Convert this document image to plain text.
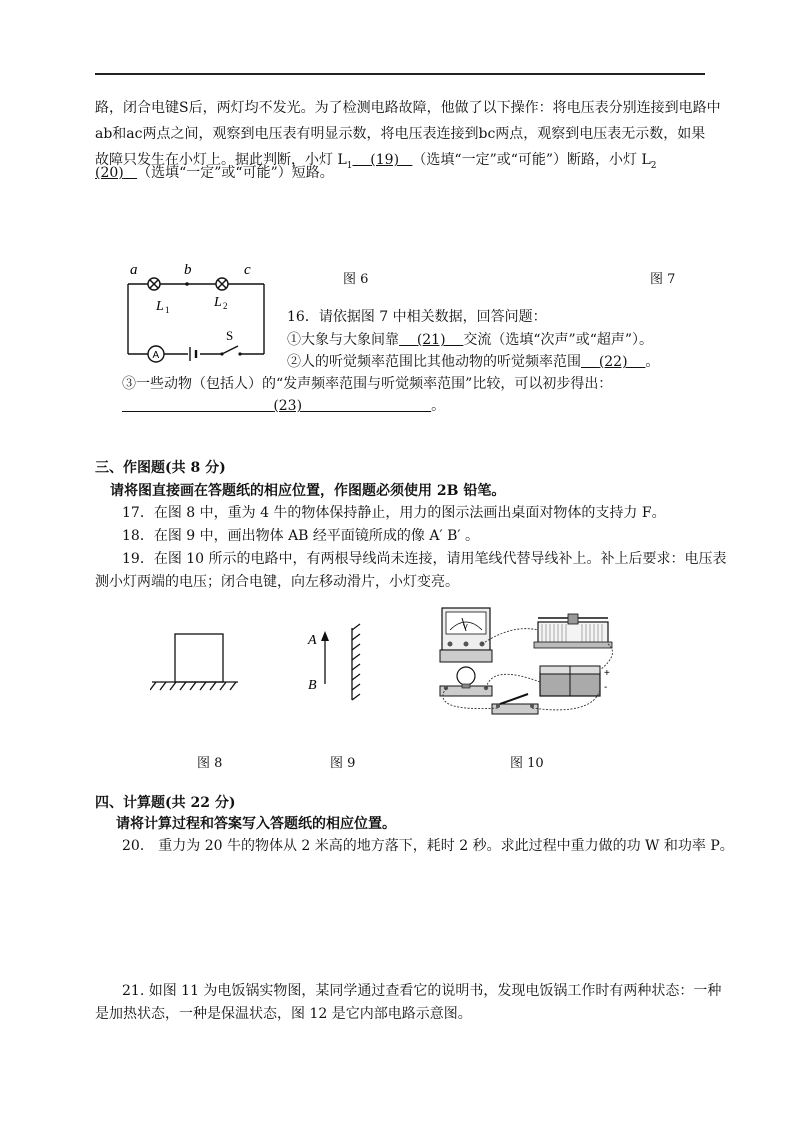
路，闭合电键S后，两灯均不发光。为了检测电路故障，他做了以下操作：将电压表分别连接到电路中
ab和ac两点之间，观察到电压表有明显示数，将电压表连接到bc两点，观察到电压表无示数，如果
故障只发生在小灯上。据此判断，小灯 $L_1$ (19) （选填“一定”或“可能”）断路，小灯 $L_2$
(20) （选填“一定”或“可能”）短路。
a	b	c
L 1	L 2
S
A
图 6	图 7
16．请依据图 7 中相关数据，回答问题：
①大象与大象间靠 (21) 交流（选填“次声”或“超声”）。
②人的听觉频率范围比其他动物的听觉频率范围 (22) 。
③一些动物（包括人）的“发声频率范围与听觉频率范围”比较，可以初步得出：
(23)	。
三、作图题(共 8 分)
请将图直接画在答题纸的相应位置，作图题必须使用 2B 铅笔。
17．在图 8 中，重为 4 牛的物体保持静止，用力的图示法画出桌面对物体的支持力 F。
18．在图 9 中，画出物体 AB 经平面镜所成的像 A′ B′ 。
19．在图 10 所示的电路中，有两根导线尚未连接，请用笔线代替导线补上。补上后要求：电压表
测小灯两端的电压；闭合电键，向左移动滑片，小灯变亮。
A
B
V
+
-
图 8	图 9	图 10
四、计算题(共 22 分)
请将计算过程和答案写入答题纸的相应位置。
20． 重力为 20 牛的物体从 2 米高的地方落下，耗时 2 秒。求此过程中重力做的功 W 和功率 P。
21. 如图 11 为电饭锅实物图，某同学通过查看它的说明书，发现电饭锅工作时有两种状态：一种
是加热状态，一种是保温状态，图 12 是它内部电路示意图。
